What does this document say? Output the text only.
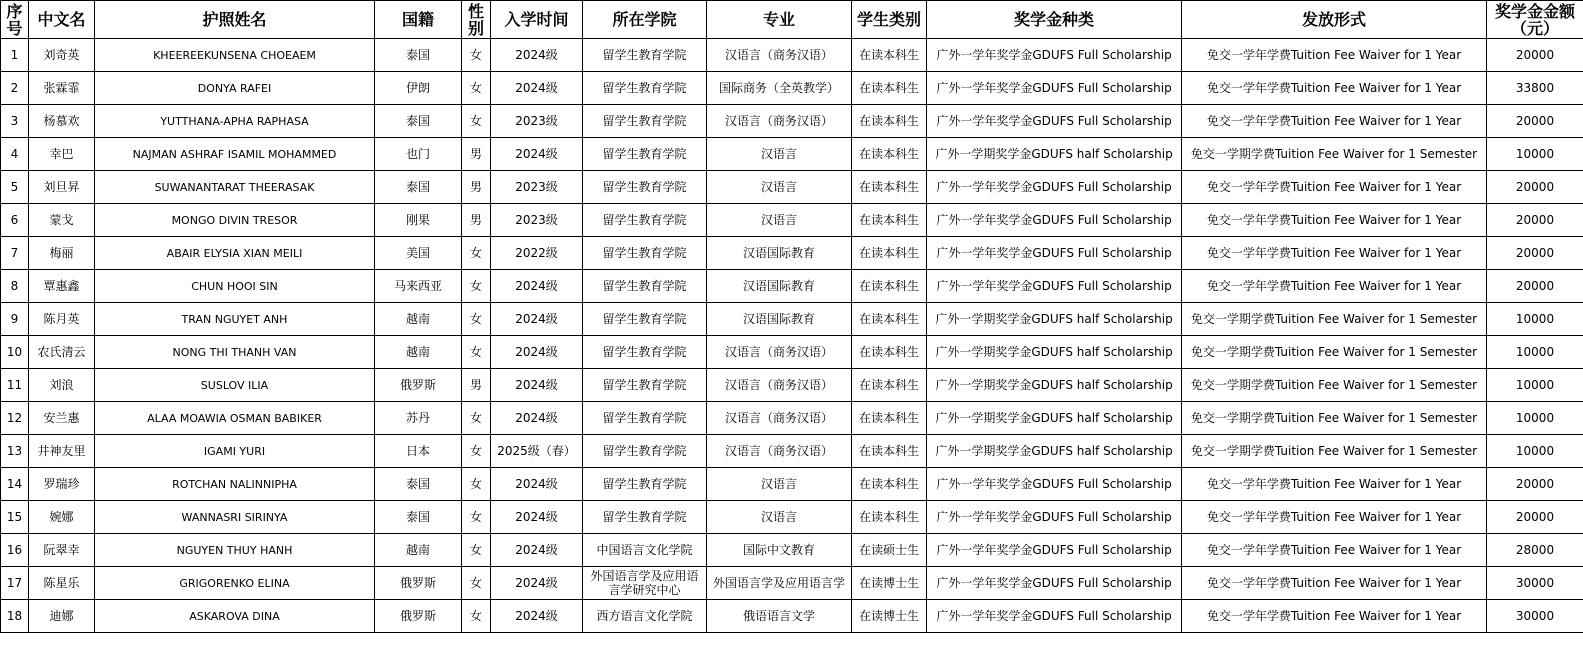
序号	中文名	护照姓名	国籍	性别	入学时间	所在学院	专业	学生类别	奖学金种类	发放形式	奖学金金额（元）
1	刘奇英	KHEEREEKUNSENA CHOEAEM	泰国	女	2024级	留学生教育学院	汉语言（商务汉语）	在读本科生	广外一学年奖学金GDUFS Full Scholarship	免交一学年学费Tuition Fee Waiver for 1 Year	20000
2	张霖霏	DONYA RAFEI	伊朗	女	2024级	留学生教育学院	国际商务（全英教学）	在读本科生	广外一学年奖学金GDUFS Full Scholarship	免交一学年学费Tuition Fee Waiver for 1 Year	33800
3	杨慕欢	YUTTHANA-APHA RAPHASA	泰国	女	2023级	留学生教育学院	汉语言（商务汉语）	在读本科生	广外一学年奖学金GDUFS Full Scholarship	免交一学年学费Tuition Fee Waiver for 1 Year	20000
4	幸巴	NAJMAN ASHRAF ISAMIL MOHAMMED	也门	男	2024级	留学生教育学院	汉语言	在读本科生	广外一学期奖学金GDUFS half Scholarship	免交一学期学费Tuition Fee Waiver for 1 Semester	10000
5	刘旦昇	SUWANANTARAT THEERASAK	泰国	男	2023级	留学生教育学院	汉语言	在读本科生	广外一学年奖学金GDUFS Full Scholarship	免交一学年学费Tuition Fee Waiver for 1 Year	20000
6	蒙戈	MONGO DIVIN TRESOR	刚果	男	2023级	留学生教育学院	汉语言	在读本科生	广外一学年奖学金GDUFS Full Scholarship	免交一学年学费Tuition Fee Waiver for 1 Year	20000
7	梅丽	ABAIR ELYSIA XIAN MEILI	美国	女	2022级	留学生教育学院	汉语国际教育	在读本科生	广外一学年奖学金GDUFS Full Scholarship	免交一学年学费Tuition Fee Waiver for 1 Year	20000
8	覃惠鑫	CHUN HOOI SIN	马来西亚	女	2024级	留学生教育学院	汉语国际教育	在读本科生	广外一学年奖学金GDUFS Full Scholarship	免交一学年学费Tuition Fee Waiver for 1 Year	20000
9	陈月英	TRAN NGUYET ANH	越南	女	2024级	留学生教育学院	汉语国际教育	在读本科生	广外一学期奖学金GDUFS half Scholarship	免交一学期学费Tuition Fee Waiver for 1 Semester	10000
10	农氏清云	NONG THI THANH VAN	越南	女	2024级	留学生教育学院	汉语言（商务汉语）	在读本科生	广外一学期奖学金GDUFS half Scholarship	免交一学期学费Tuition Fee Waiver for 1 Semester	10000
11	刘浪	SUSLOV ILIA	俄罗斯	男	2024级	留学生教育学院	汉语言（商务汉语）	在读本科生	广外一学期奖学金GDUFS half Scholarship	免交一学期学费Tuition Fee Waiver for 1 Semester	10000
12	安兰惠	ALAA MOAWIA OSMAN BABIKER	苏丹	女	2024级	留学生教育学院	汉语言（商务汉语）	在读本科生	广外一学期奖学金GDUFS half Scholarship	免交一学期学费Tuition Fee Waiver for 1 Semester	10000
13	井神友里	IGAMI YURI	日本	女	2025级（春）	留学生教育学院	汉语言（商务汉语）	在读本科生	广外一学期奖学金GDUFS half Scholarship	免交一学期学费Tuition Fee Waiver for 1 Semester	10000
14	罗瑞珍	ROTCHAN NALINNIPHA	泰国	女	2024级	留学生教育学院	汉语言	在读本科生	广外一学年奖学金GDUFS Full Scholarship	免交一学年学费Tuition Fee Waiver for 1 Year	20000
15	婉娜	WANNASRI SIRINYA	泰国	女	2024级	留学生教育学院	汉语言	在读本科生	广外一学年奖学金GDUFS Full Scholarship	免交一学年学费Tuition Fee Waiver for 1 Year	20000
16	阮翠幸	NGUYEN THUY HANH	越南	女	2024级	中国语言文化学院	国际中文教育	在读硕士生	广外一学年奖学金GDUFS Full Scholarship	免交一学年学费Tuition Fee Waiver for 1 Year	28000
17	陈星乐	GRIGORENKO ELINA	俄罗斯	女	2024级	外国语言学及应用语言学研究中心	外国语言学及应用语言学	在读博士生	广外一学年奖学金GDUFS Full Scholarship	免交一学年学费Tuition Fee Waiver for 1 Year	30000
18	迪娜	ASKAROVA DINA	俄罗斯	女	2024级	西方语言文化学院	俄语语言文学	在读博士生	广外一学年奖学金GDUFS Full Scholarship	免交一学年学费Tuition Fee Waiver for 1 Year	30000
